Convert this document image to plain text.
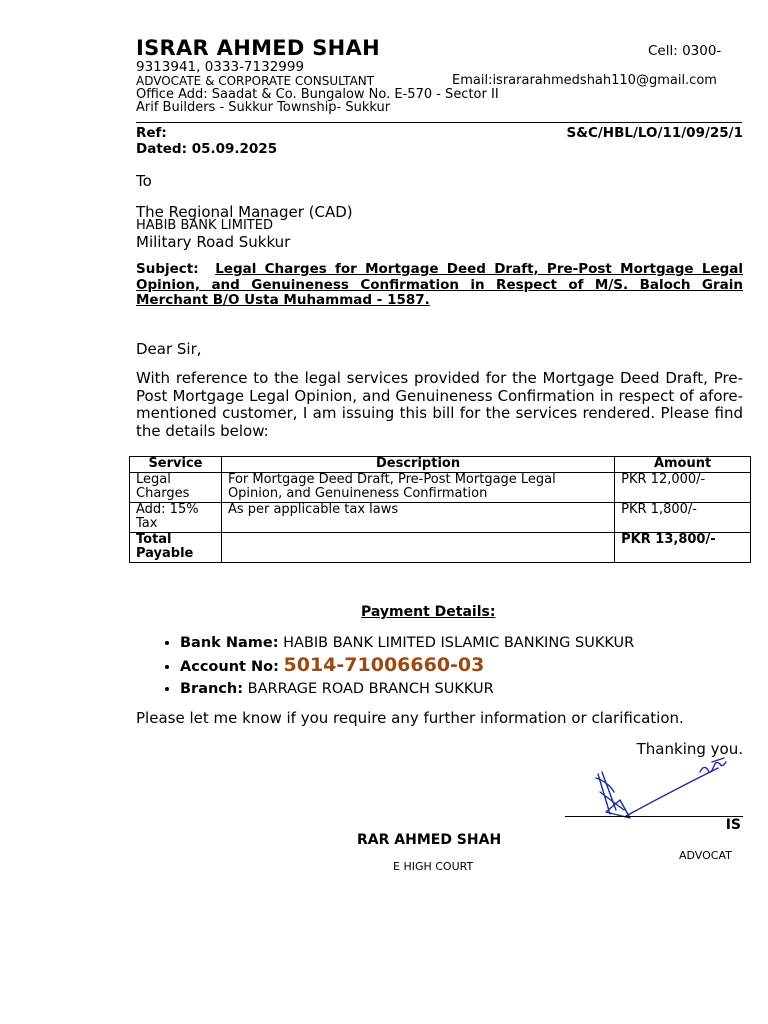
ISRAR AHMED SHAH	Cell: 0300-
9313941, 0333-7132999
ADVOCATE & CORPORATE CONSULTANT	Email:isrararahmedshah110@gmail.com
Office Add: Saadat & Co. Bungalow No. E-570 - Sector II
Arif Builders - Sukkur Township- Sukkur
Ref:	S&C/HBL/LO/11/09/25/1
Dated: 05.09.2025
To
The Regional Manager (CAD)
HABIB BANK LIMITED
Military Road Sukkur
Subject: Legal Charges for Mortgage Deed Draft, Pre-Post Mortgage Legal Opinion, and Genuineness Confirmation in Respect of M/S. Baloch Grain Merchant B/O Usta Muhammad - 1587.
Dear Sir,
With reference to the legal services provided for the Mortgage Deed Draft, Pre-Post Mortgage Legal Opinion, and Genuineness Confirmation in respect of afore-mentioned customer, I am issuing this bill for the services rendered. Please find the details below:
Service	Description	Amount
Legal Charges	For Mortgage Deed Draft, Pre-Post Mortgage Legal Opinion, and Genuineness Confirmation	PKR 12,000/-
Add: 15% Tax	As per applicable tax laws	PKR 1,800/-
Total Payable		PKR 13,800/-
Payment Details:
• Bank Name: HABIB BANK LIMITED ISLAMIC BANKING SUKKUR
• Account No: 5014-71006660-03
• Branch: BARRAGE ROAD BRANCH SUKKUR
Please let me know if you require any further information or clarification.
Thanking you.
IS
RAR AHMED SHAH
ADVOCAT
E HIGH COURT
